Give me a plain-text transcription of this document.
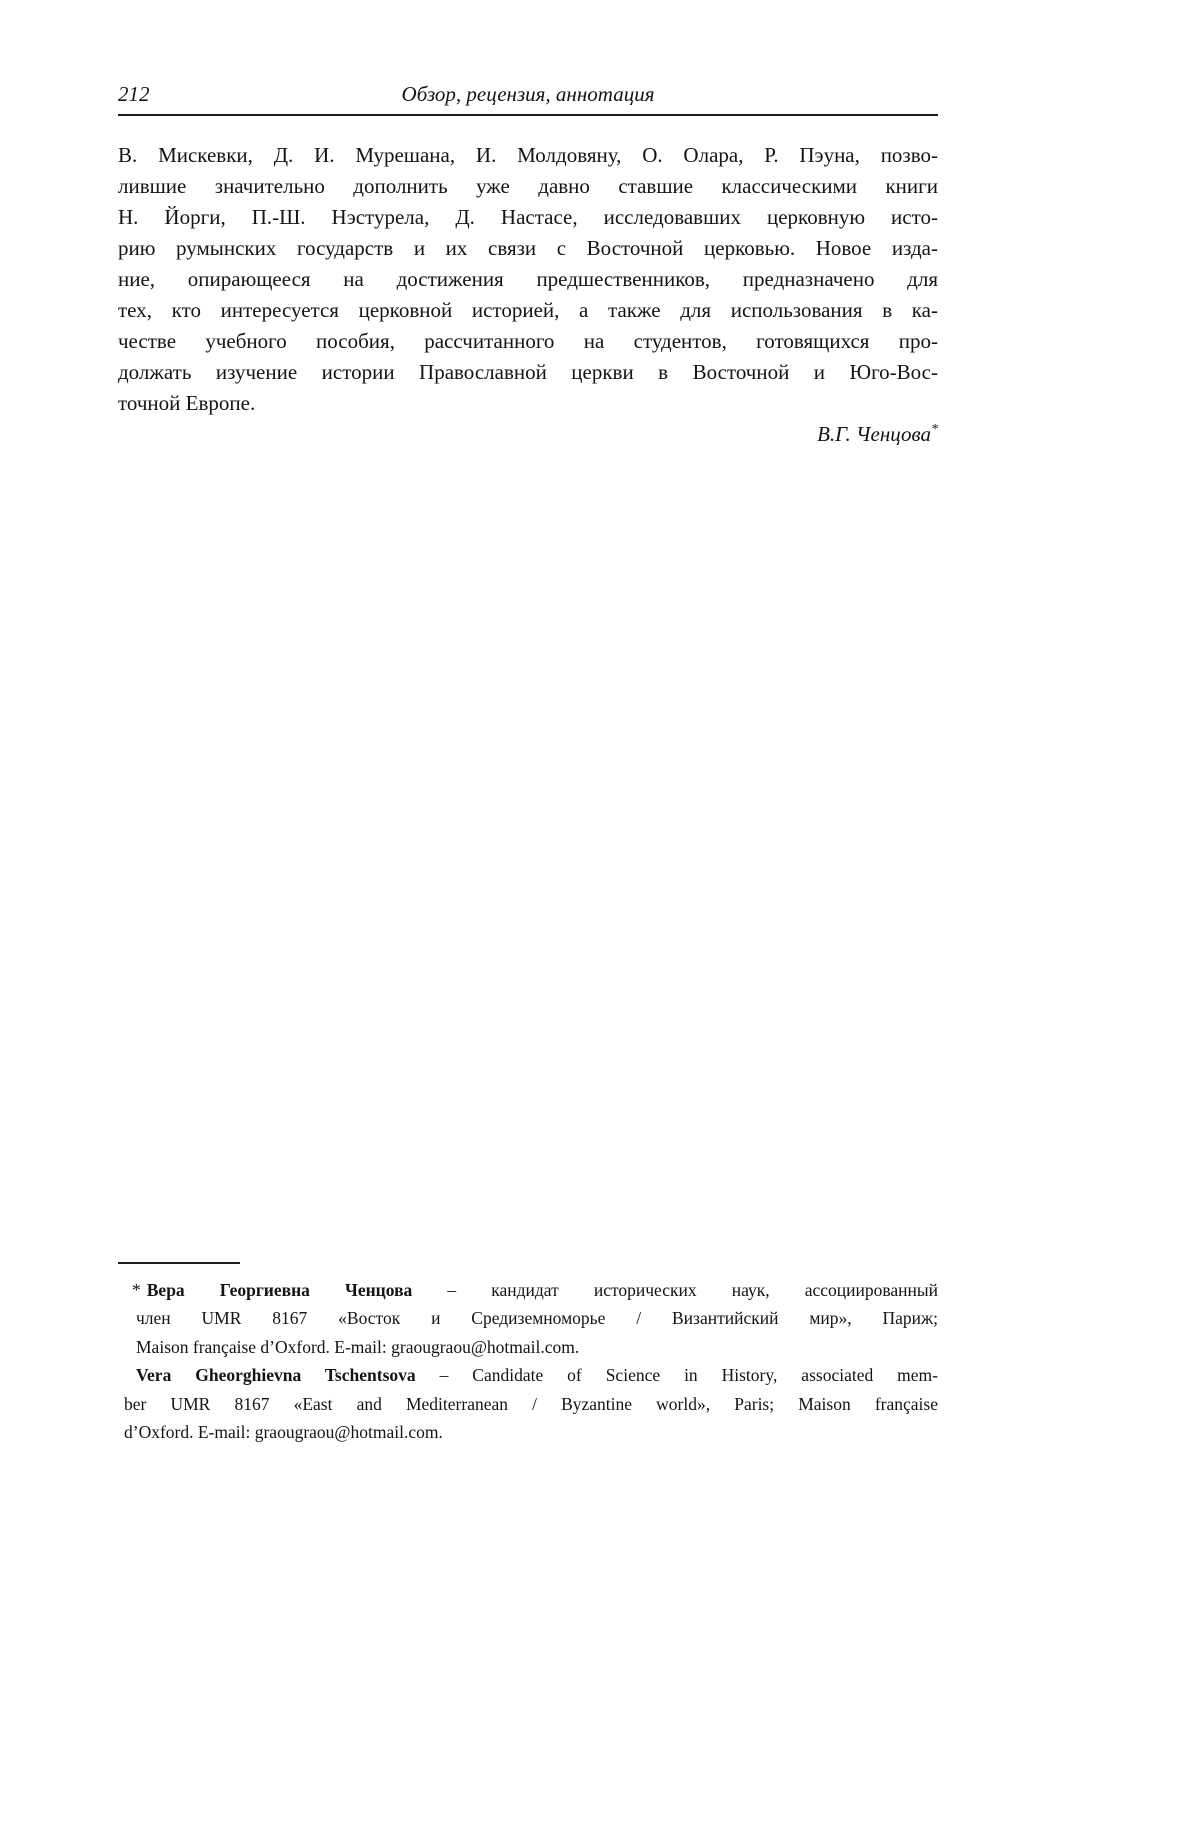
212	Обзор, рецензия, аннотация
В. Мискевки, Д. И. Мурешана, И. Молдовяну, О. Олара, Р. Пэуна, позво-
лившие значительно дополнить уже давно ставшие классическими книги
Н. Йорги, П.-Ш. Нэстурела, Д. Настасе, исследовавших церковную исто-
рию румынских государств и их связи с Восточной церковью. Новое изда-
ние, опирающееся на достижения предшественников, предназначено для
тех, кто интересуется церковной историей, а также для использования в ка-
честве учебного пособия, рассчитанного на студентов, готовящихся про-
должать изучение истории Православной церкви в Восточной и Юго-Вос-
точной Европе.
В.Г. Ченцова*
* Вера Георгиевна Ченцова – кандидат исторических наук, ассоциированный
член UMR 8167 «Восток и Средиземноморье / Византийский мир», Париж;
Maison française d’Oxford. E-mail: graougraou@hotmail.com.
Vera Gheorghievna Tschentsova – Candidate of Science in History, associated mem-
ber UMR 8167 «East and Mediterranean / Byzantine world», Paris; Maison française
d’Oxford. E-mail: graougraou@hotmail.com.
